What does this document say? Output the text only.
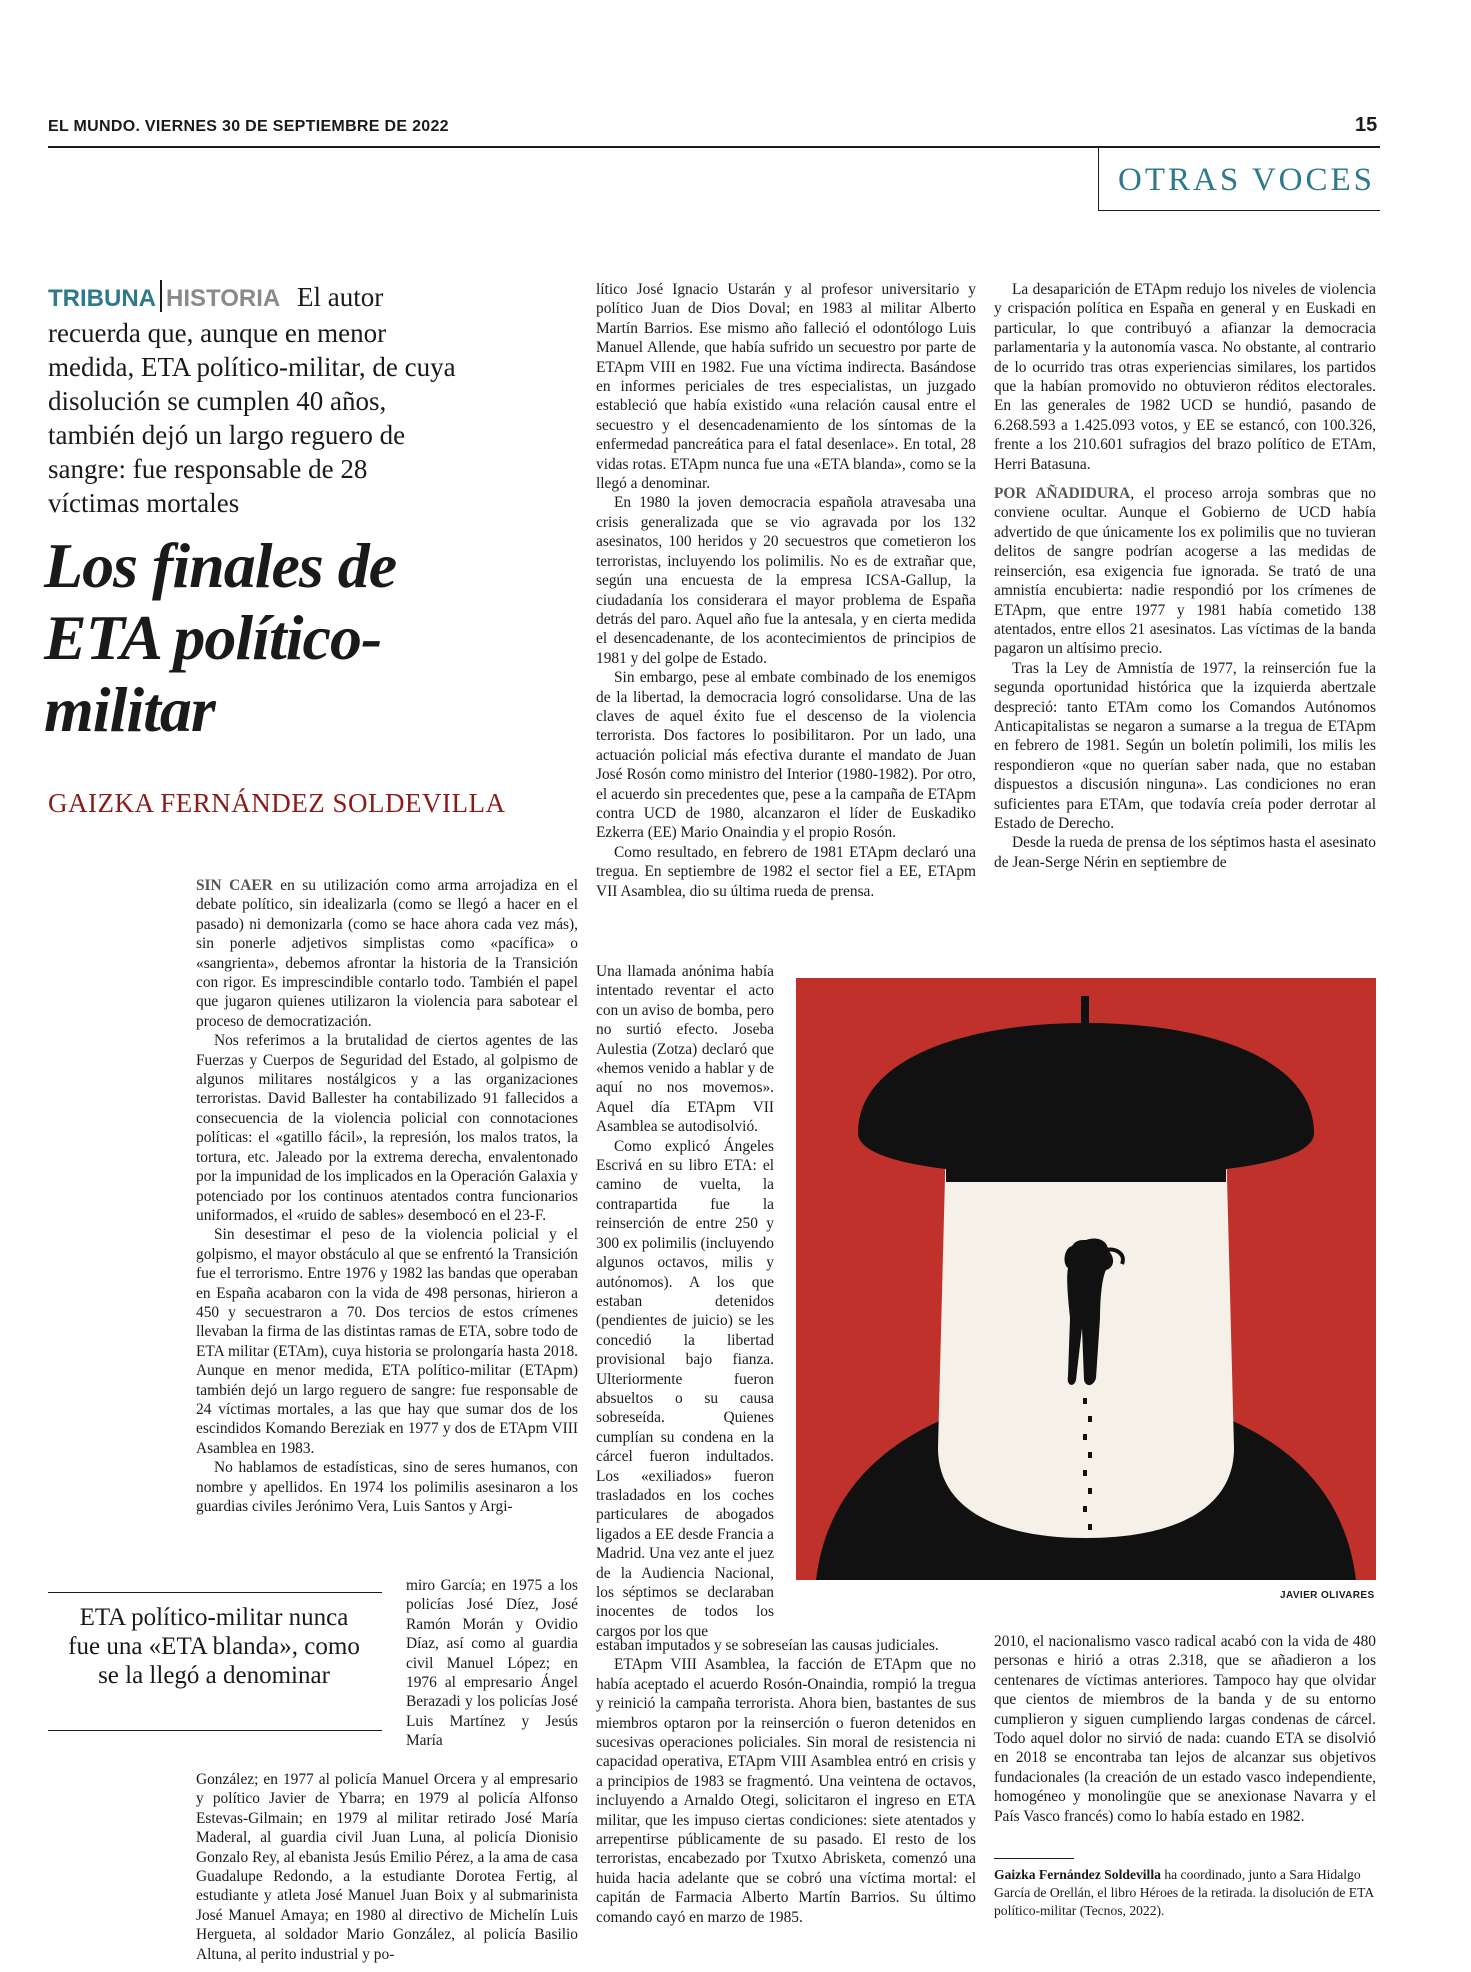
EL MUNDO. VIERNES 30 DE SEPTIEMBRE DE 2022	15
OTRAS VOCES
TRIBUNA HISTORIA El autor recuerda que, aunque en menor medida, ETA político-militar, de cuya disolución se cumplen 40 años, también dejó un largo reguero de sangre: fue responsable de 28 víctimas mortales
Los finales de ETA político-militar
GAIZKA FERNÁNDEZ SOLDEVILLA

SIN CAER en su utilización como arma arrojadiza en el debate político, sin idealizarla (como se llegó a hacer en el pasado) ni demonizarla (como se hace ahora cada vez más), sin ponerle adjetivos simplistas como «pacífica» o «sangrienta», debemos afrontar la historia de la Transición con rigor. Es imprescindible contarlo todo. También el papel que jugaron quienes utilizaron la violencia para sabotear el proceso de democratización.

Nos referimos a la brutalidad de ciertos agentes de las Fuerzas y Cuerpos de Seguridad del Estado, al golpismo de algunos militares nostálgicos y a las organizaciones terroristas. David Ballester ha contabilizado 91 fallecidos a consecuencia de la violencia policial con connotaciones políticas: el «gatillo fácil», la represión, los malos tratos, la tortura, etc. Jaleado por la extrema derecha, envalentonado por la impunidad de los implicados en la Operación Galaxia y potenciado por los continuos atentados contra funcionarios uniformados, el «ruido de sables» desembocó en el 23-F.

Sin desestimar el peso de la violencia policial y el golpismo, el mayor obstáculo al que se enfrentó la Transición fue el terrorismo. Entre 1976 y 1982 las bandas que operaban en España acabaron con la vida de 498 personas, hirieron a 450 y secuestraron a 70. Dos tercios de estos crímenes llevaban la firma de las distintas ramas de ETA, sobre todo de ETA militar (ETAm), cuya historia se prolongaría hasta 2018. Aunque en menor medida, ETA político-militar (ETApm) también dejó un largo reguero de sangre: fue responsable de 24 víctimas mortales, a las que hay que sumar dos de los escindidos Komando Bereziak en 1977 y dos de ETApm VIII Asamblea en 1983.

No hablamos de estadísticas, sino de seres humanos, con nombre y apellidos. En 1974 los polimilis asesinaron a los guardias civiles Jerónimo Vera, Luis Santos y Argi-

miro García; en 1975 a los policías José Díez, José Ramón Morán y Ovidio Díaz, así como al guardia civil Manuel López; en 1976 al empresario Ángel Berazadi y los policías José Luis Martínez y Jesús María

González; en 1977 al policía Manuel Orcera y al empresario y político Javier de Ybarra; en 1979 al policía Alfonso Estevas-Gilmain; en 1979 al militar retirado José María Maderal, al guardia civil Juan Luna, al policía Dionisio Gonzalo Rey, al ebanista Jesús Emilio Pérez, a la ama de casa Guadalupe Redondo, a la estudiante Dorotea Fertig, al estudiante y atleta José Manuel Juan Boix y al submarinista José Manuel Amaya; en 1980 al directivo de Michelín Luis Hergueta, al soldador Mario González, al policía Basilio Altuna, al perito industrial y po-

ETA político-militar nunca fue una «ETA blanda», como se la llegó a denominar

lítico José Ignacio Ustarán y al profesor universitario y político Juan de Dios Doval; en 1983 al militar Alberto Martín Barrios. Ese mismo año falleció el odontólogo Luis Manuel Allende, que había sufrido un secuestro por parte de ETApm VIII en 1982. Fue una víctima indirecta. Basándose en informes periciales de tres especialistas, un juzgado estableció que había existido «una relación causal entre el secuestro y el desencadenamiento de los síntomas de la enfermedad pancreática para el fatal desenlace». En total, 28 vidas rotas. ETApm nunca fue una «ETA blanda», como se la llegó a denominar.

En 1980 la joven democracia española atravesaba una crisis generalizada que se vio agravada por los 132 asesinatos, 100 heridos y 20 secuestros que cometieron los terroristas, incluyendo los polimilis. No es de extrañar que, según una encuesta de la empresa ICSA-Gallup, la ciudadanía los considerara el mayor problema de España detrás del paro. Aquel año fue la antesala, y en cierta medida el desencadenante, de los acontecimientos de principios de 1981 y del golpe de Estado.

Sin embargo, pese al embate combinado de los enemigos de la libertad, la democracia logró consolidarse. Una de las claves de aquel éxito fue el descenso de la violencia terrorista. Dos factores lo posibilitaron. Por un lado, una actuación policial más efectiva durante el mandato de Juan José Rosón como ministro del Interior (1980-1982). Por otro, el acuerdo sin precedentes que, pese a la campaña de ETApm contra UCD de 1980, alcanzaron el líder de Euskadiko Ezkerra (EE) Mario Onaindia y el propio Rosón.

Como resultado, en febrero de 1981 ETApm declaró una tregua. En septiembre de 1982 el sector fiel a EE, ETApm VII Asamblea, dio su última rueda de prensa.

Una llamada anónima había intentado reventar el acto con un aviso de bomba, pero no surtió efecto. Joseba Aulestia (Zotza) declaró que «hemos venido a hablar y de aquí no nos movemos». Aquel día ETApm VII Asamblea se autodisolvió.

Como explicó Ángeles Escrivá en su libro ETA: el camino de vuelta, la contrapartida fue la reinserción de entre 250 y 300 ex polimilis (incluyendo algunos octavos, milis y autónomos). A los que estaban detenidos (pendientes de juicio) se les concedió la libertad provisional bajo fianza. Ulteriormente fueron absueltos o su causa sobreseída. Quienes cumplían su condena en la cárcel fueron indultados. Los «exiliados» fueron trasladados en los coches particulares de abogados ligados a EE desde Francia a Madrid. Una vez ante el juez de la Audiencia Nacional, los séptimos se declaraban inocentes de todos los cargos por los que

estaban imputados y se sobreseían las causas judiciales.

ETApm VIII Asamblea, la facción de ETApm que no había aceptado el acuerdo Rosón-Onaindia, rompió la tregua y reinició la campaña terrorista. Ahora bien, bastantes de sus miembros optaron por la reinserción o fueron detenidos en sucesivas operaciones policiales. Sin moral de resistencia ni capacidad operativa, ETApm VIII Asamblea entró en crisis y a principios de 1983 se fragmentó. Una veintena de octavos, incluyendo a Arnaldo Otegi, solicitaron el ingreso en ETA militar, que les impuso ciertas condiciones: siete atentados y arrepentirse públicamente de su pasado. El resto de los terroristas, encabezado por Txutxo Abrisketa, comenzó una huida hacia adelante que se cobró una víctima mortal: el capitán de Farmacia Alberto Martín Barrios. Su último comando cayó en marzo de 1985.

La desaparición de ETApm redujo los niveles de violencia y crispación política en España en general y en Euskadi en particular, lo que contribuyó a afianzar la democracia parlamentaria y la autonomía vasca. No obstante, al contrario de lo ocurrido tras otras experiencias similares, los partidos que la habían promovido no obtuvieron réditos electorales. En las generales de 1982 UCD se hundió, pasando de 6.268.593 a 1.425.093 votos, y EE se estancó, con 100.326, frente a los 210.601 sufragios del brazo político de ETAm, Herri Batasuna.

POR AÑADIDURA, el proceso arroja sombras que no conviene ocultar. Aunque el Gobierno de UCD había advertido de que únicamente los ex polimilis que no tuvieran delitos de sangre podrían acogerse a las medidas de reinserción, esa exigencia fue ignorada. Se trató de una amnistía encubierta: nadie respondió por los crímenes de ETApm, que entre 1977 y 1981 había cometido 138 atentados, entre ellos 21 asesinatos. Las víctimas de la banda pagaron un altísimo precio.

Tras la Ley de Amnistía de 1977, la reinserción fue la segunda oportunidad histórica que la izquierda abertzale despreció: tanto ETAm como los Comandos Autónomos Anticapitalistas se negaron a sumarse a la tregua de ETApm en febrero de 1981. Según un boletín polimili, los milis les respondieron «que no querían saber nada, que no estaban dispuestos a discusión ninguna». Las condiciones no eran suficientes para ETAm, que todavía creía poder derrotar al Estado de Derecho.

Desde la rueda de prensa de los séptimos hasta el asesinato de Jean-Serge Nérin en septiembre de

JAVIER OLIVARES

2010, el nacionalismo vasco radical acabó con la vida de 480 personas e hirió a otras 2.318, que se añadieron a los centenares de víctimas anteriores. Tampoco hay que olvidar que cientos de miembros de la banda y de su entorno cumplieron y siguen cumpliendo largas condenas de cárcel. Todo aquel dolor no sirvió de nada: cuando ETA se disolvió en 2018 se encontraba tan lejos de alcanzar sus objetivos fundacionales (la creación de un estado vasco independiente, homogéneo y monolingüe que se anexionase Navarra y el País Vasco francés) como lo había estado en 1982.

Gaizka Fernández Soldevilla ha coordinado, junto a Sara Hidalgo García de Orellán, el libro Héroes de la retirada. la disolución de ETA político-militar (Tecnos, 2022).
